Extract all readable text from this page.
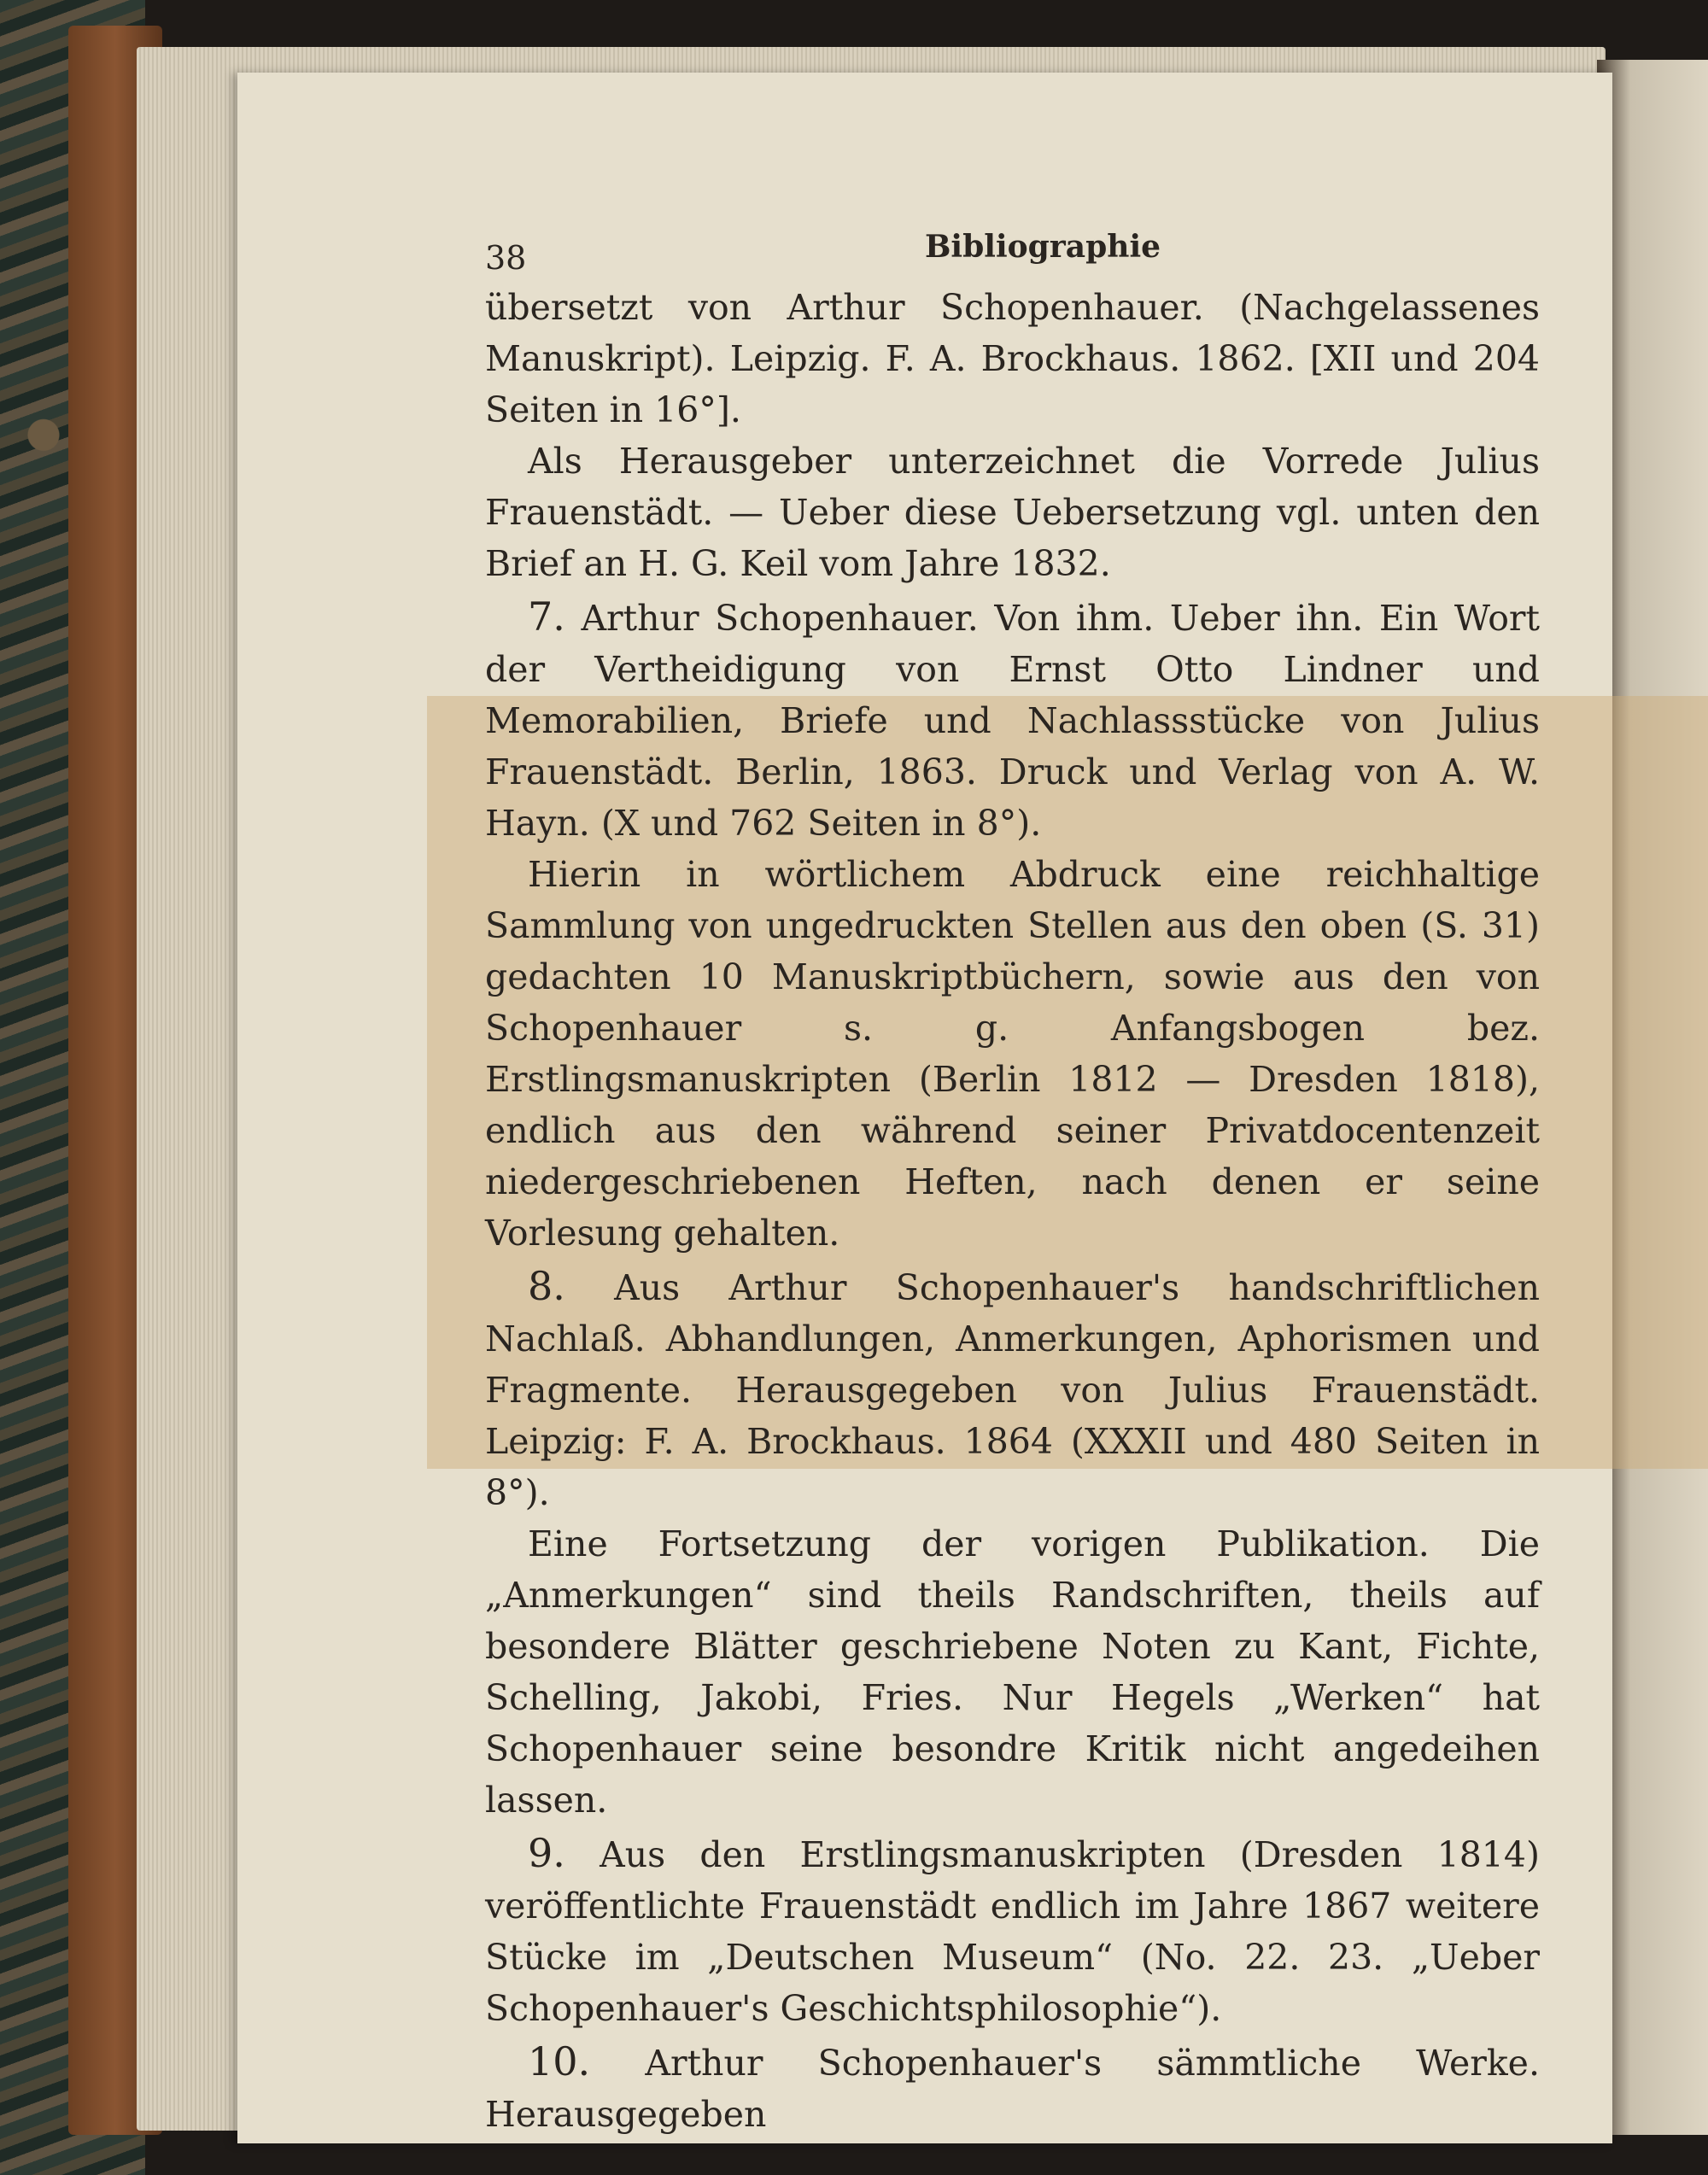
38	Bibliographie

übersetzt von Arthur Schopenhauer. (Nachgelassenes Manuskript). Leipzig. F. A. Brockhaus. 1862. [XII und 204 Seiten in 16°].

Als Herausgeber unterzeichnet die Vorrede Julius Frauenstädt. — Ueber diese Uebersetzung vgl. unten den Brief an H. G. Keil vom Jahre 1832.

7. Arthur Schopenhauer. Von ihm. Ueber ihn. Ein Wort der Vertheidigung von Ernst Otto Lindner und Memorabilien, Briefe und Nachlassstücke von Julius Frauenstädt. Berlin, 1863. Druck und Verlag von A. W. Hayn. (X und 762 Seiten in 8°).

Hierin in wörtlichem Abdruck eine reichhaltige Sammlung von ungedruckten Stellen aus den oben (S. 31) gedachten 10 Manuskriptbüchern, sowie aus den von Schopenhauer s. g. Anfangsbogen bez. Erstlingsmanuskripten (Berlin 1812 — Dresden 1818), endlich aus den während seiner Privatdocentenzeit niedergeschriebenen Heften, nach denen er seine Vorlesung gehalten.

8. Aus Arthur Schopenhauer's handschriftlichen Nachlaß. Abhandlungen, Anmerkungen, Aphorismen und Fragmente. Herausgegeben von Julius Frauenstädt. Leipzig: F. A. Brockhaus. 1864 (XXXII und 480 Seiten in 8°).

Eine Fortsetzung der vorigen Publikation. Die „Anmerkungen“ sind theils Randschriften, theils auf besondere Blätter geschriebene Noten zu Kant, Fichte, Schelling, Jakobi, Fries. Nur Hegels „Werken“ hat Schopenhauer seine besondre Kritik nicht angedeihen lassen.

9. Aus den Erstlingsmanuskripten (Dresden 1814) veröffentlichte Frauenstädt endlich im Jahre 1867 weitere Stücke im „Deutschen Museum“ (No. 22. 23. „Ueber Schopenhauer's Geschichtsphilosophie“).

10. Arthur Schopenhauer's sämmtliche Werke. Herausgegeben
